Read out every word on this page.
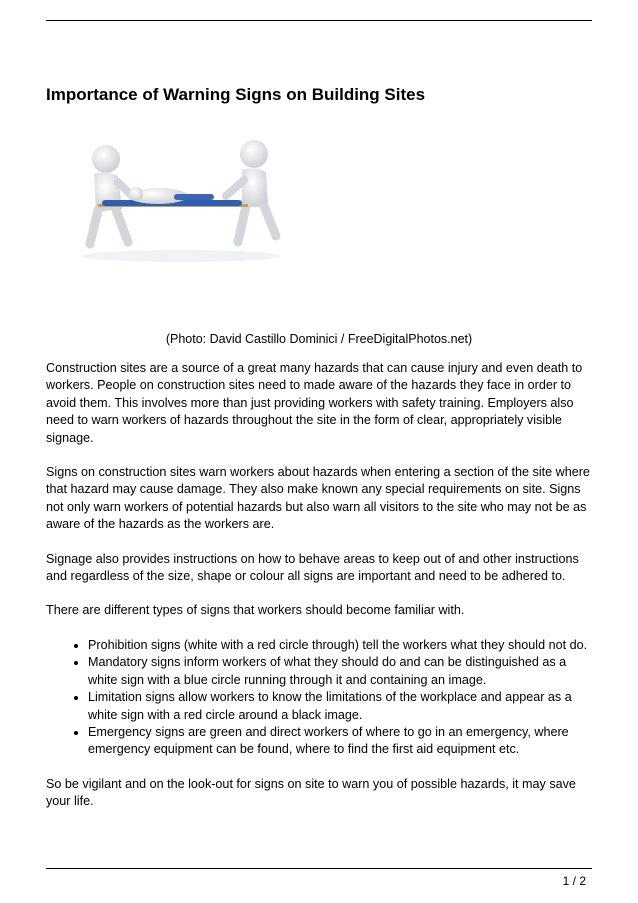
Importance of Warning Signs on Building Sites

(Photo: David Castillo Dominici / FreeDigitalPhotos.net)

Construction sites are a source of a great many hazards that can cause injury and even death to workers. People on construction sites need to made aware of the hazards they face in order to avoid them. This involves more than just providing workers with safety training. Employers also need to warn workers of hazards throughout the site in the form of clear, appropriately visible signage.

Signs on construction sites warn workers about hazards when entering a section of the site where that hazard may cause damage. They also make known any special requirements on site. Signs not only warn workers of potential hazards but also warn all visitors to the site who may not be as aware of the hazards as the workers are.

Signage also provides instructions on how to behave areas to keep out of and other instructions and regardless of the size, shape or colour all signs are important and need to be adhered to.

There are different types of signs that workers should become familiar with.

• Prohibition signs (white with a red circle through) tell the workers what they should not do.
• Mandatory signs inform workers of what they should do and can be distinguished as a white sign with a blue circle running through it and containing an image.
• Limitation signs allow workers to know the limitations of the workplace and appear as a white sign with a red circle around a black image.
• Emergency signs are green and direct workers of where to go in an emergency, where emergency equipment can be found, where to find the first aid equipment etc.

So be vigilant and on the look-out for signs on site to warn you of possible hazards, it may save your life.

1 / 2
